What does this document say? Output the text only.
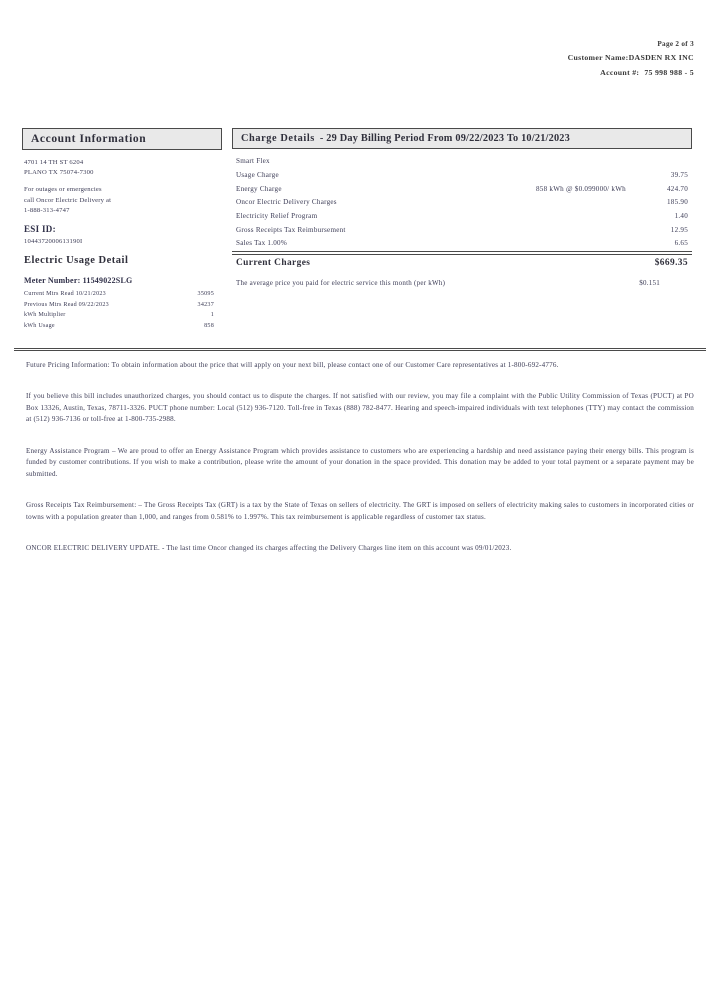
Page 2 of 3
Customer Name:DASDEN RX INC
Account #: 75 998 988 - 5
Account Information
4701 14 TH ST 6204
PLANO TX 75074-7300
For outages or emergencies
call Oncor Electric Delivery at
1-888-313-4747
ESI ID:
1044372000613190I
Electric Usage Detail
Meter Number: 11549022SLG
Current Mtrs Read 10/21/2023	35095
Previous Mtrs Read 09/22/2023	34237
kWh Multiplier	1
kWh Usage	858
Charge Details - 29 Day Billing Period From 09/22/2023 To 10/21/2023
Smart Flex
Usage Charge	39.75
Energy Charge	858 kWh @ $0.099000/ kWh	424.70
Oncor Electric Delivery Charges	185.90
Electricity Relief Program	1.40
Gross Receipts Tax Reimbursement	12.95
Sales Tax 1.00%	6.65
Current Charges	$669.35
The average price you paid for electric service this month (per kWh)	$0.151

Future Pricing Information: To obtain information about the price that will apply on your next bill, please contact one of our Customer Care representatives at 1-800-692-4776.

If you believe this bill includes unauthorized charges, you should contact us to dispute the charges. If not satisfied with our review, you may file a complaint with the Public Utility Commission of Texas (PUCT) at PO Box 13326, Austin, Texas, 78711-3326. PUCT phone number: Local (512) 936-7120. Toll-free in Texas (888) 782-8477. Hearing and speech-impaired individuals with text telephones (TTY) may contact the commission at (512) 936-7136 or toll-free at 1-800-735-2988.

Energy Assistance Program – We are proud to offer an Energy Assistance Program which provides assistance to customers who are experiencing a hardship and need assistance paying their energy bills. This program is funded by customer contributions. If you wish to make a contribution, please write the amount of your donation in the space provided. This donation may be added to your total payment or a separate payment may be submitted.

Gross Receipts Tax Reimbursement: – The Gross Receipts Tax (GRT) is a tax by the State of Texas on sellers of electricity. The GRT is imposed on sellers of electricity making sales to customers in incorporated cities or towns with a population greater than 1,000, and ranges from 0.581% to 1.997%. This tax reimbursement is applicable regardless of customer tax status.

ONCOR ELECTRIC DELIVERY UPDATE. - The last time Oncor changed its charges affecting the Delivery Charges line item on this account was 09/01/2023.
